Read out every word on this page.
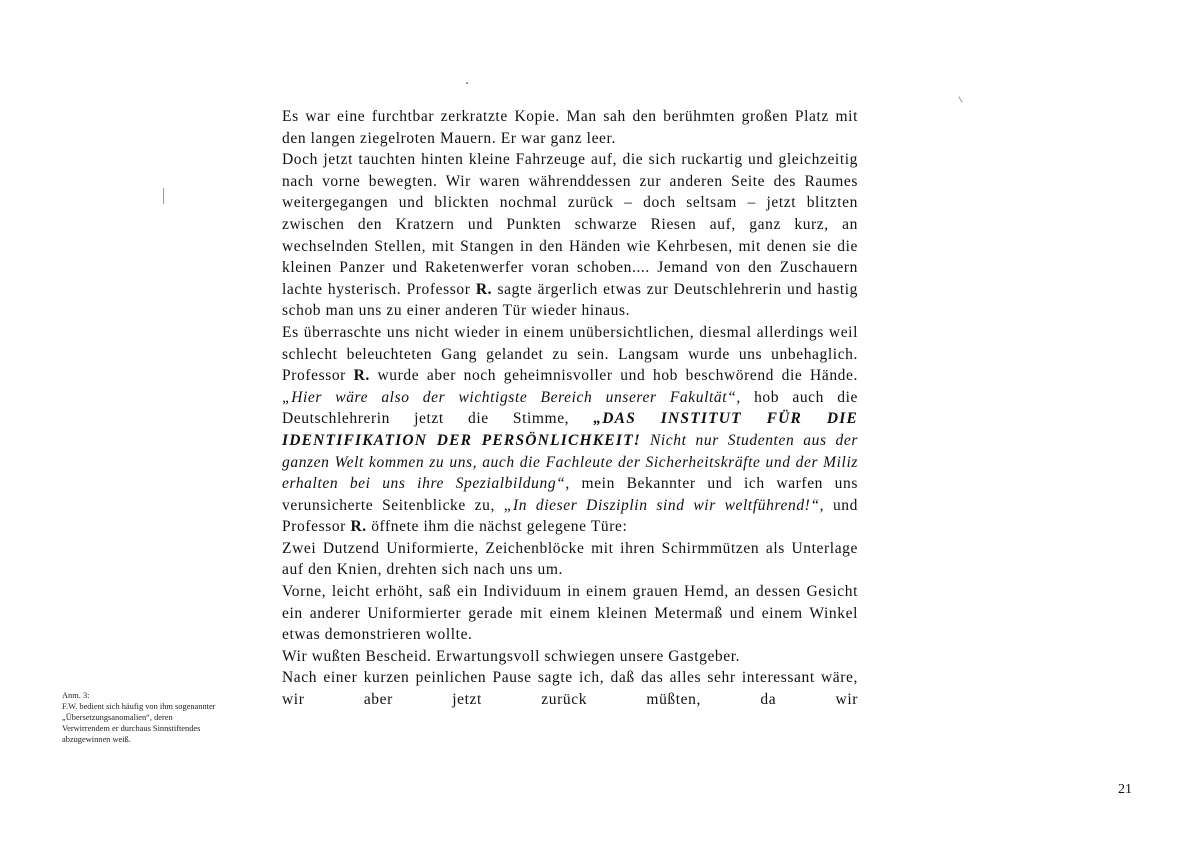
Es war eine furchtbar zerkratzte Kopie. Man sah den berühmten großen Platz mit den langen ziegelroten Mauern. Er war ganz leer.

Doch jetzt tauchten hinten kleine Fahrzeuge auf, die sich ruckartig und gleichzeitig nach vorne bewegten. Wir waren währenddessen zur anderen Seite des Raumes weitergegangen und blickten nochmal zurück – doch seltsam – jetzt blitzten zwischen den Kratzern und Punkten schwarze Riesen auf, ganz kurz, an wechselnden Stellen, mit Stangen in den Händen wie Kehrbesen, mit denen sie die kleinen Panzer und Raketenwerfer voran schoben.... Jemand von den Zuschauern lachte hysterisch. Professor R. sagte ärgerlich etwas zur Deutschlehrerin und hastig schob man uns zu einer anderen Tür wieder hinaus.

Es überraschte uns nicht wieder in einem unübersichtlichen, diesmal allerdings weil schlecht beleuchteten Gang gelandet zu sein. Langsam wurde uns unbehaglich. Professor R. wurde aber noch geheimnisvoller und hob beschwörend die Hände. „Hier wäre also der wichtigste Bereich unserer Fakultät“, hob auch die Deutschlehrerin jetzt die Stimme, „DAS INSTITUT FÜR DIE IDENTIFIKATION DER PERSÖNLICHKEIT! Nicht nur Studenten aus der ganzen Welt kommen zu uns, auch die Fachleute der Sicherheitskräfte und der Miliz erhalten bei uns ihre Spezialbildung“, mein Bekannter und ich warfen uns verunsicherte Seitenblicke zu, „In dieser Disziplin sind wir weltführend!“, und Professor R. öffnete ihm die nächst gelegene Türe:

Zwei Dutzend Uniformierte, Zeichenblöcke mit ihren Schirmmützen als Unterlage auf den Knien, drehten sich nach uns um.

Vorne, leicht erhöht, saß ein Individuum in einem grauen Hemd, an dessen Gesicht ein anderer Uniformierter gerade mit einem kleinen Metermaß und einem Winkel etwas demonstrieren wollte.

Wir wußten Bescheid. Erwartungsvoll schwiegen unsere Gastgeber.

Nach einer kurzen peinlichen Pause sagte ich, daß das alles sehr interessant wäre, wir aber jetzt zurück müßten, da wir

Anm. 3:
F.W. bedient sich häufig von ihm sogenannter
„Übersetzungsanomalien“, deren
Verwirrendem er durchaus Sinnstiftendes
abzugewinnen weiß.
21
